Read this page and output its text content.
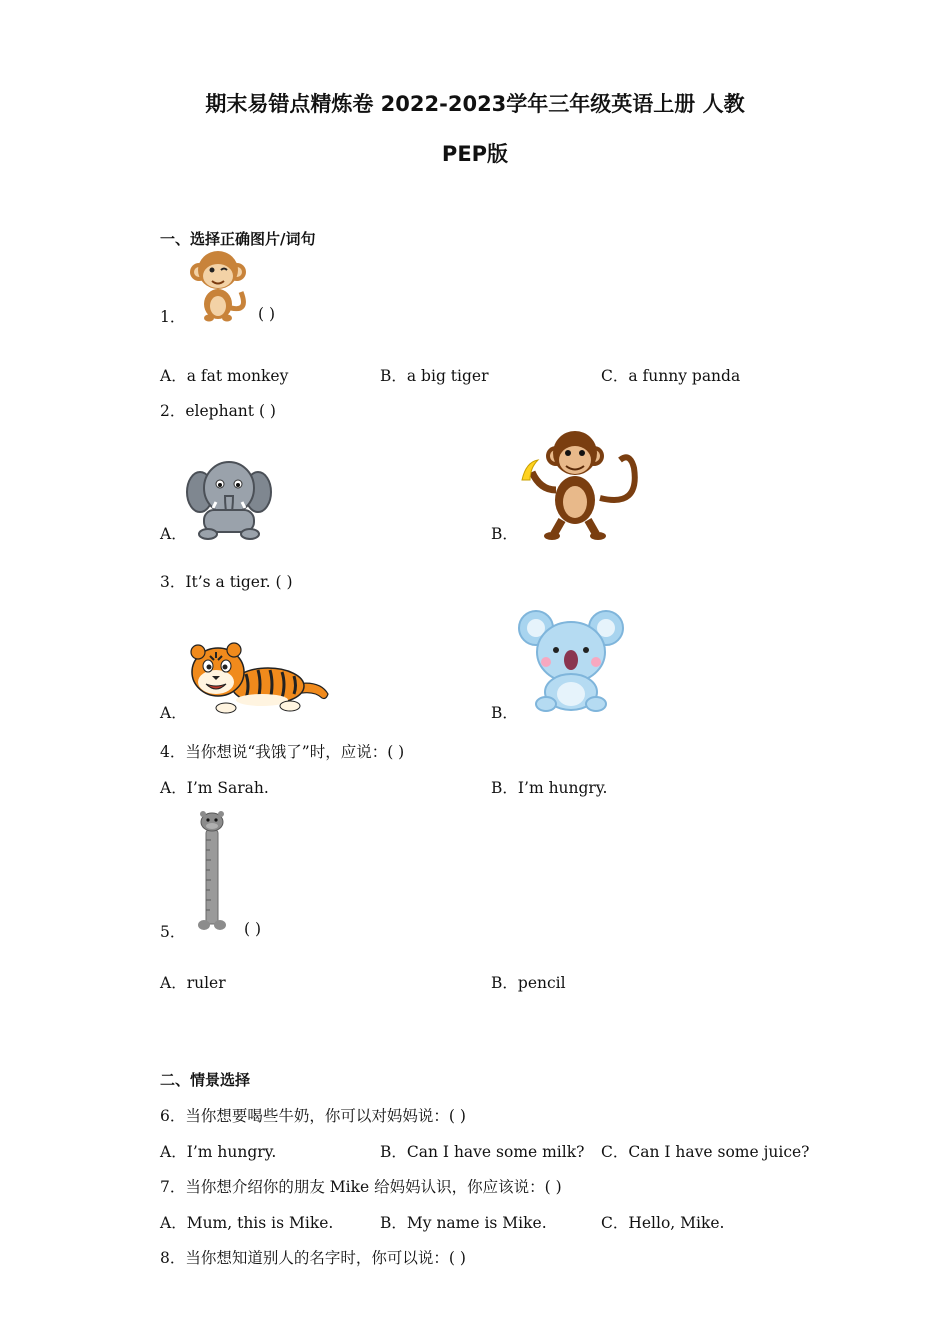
期末易错点精炼卷 2022-2023学年三年级英语上册 人教
PEP版
一、选择正确图片/词句
1．	( )
A．a fat monkey	B．a big tiger	C．a funny panda
2．elephant ( )
A．	B．
3．It’s a tiger. ( )
A．	B．
4．当你想说“我饿了”时，应说：( )
A．I’m Sarah.	B．I’m hungry.
5．	( )
A．ruler	B．pencil
二、情景选择
6．当你想要喝些牛奶，你可以对妈妈说：( )
A．I’m hungry.	B．Can I have some milk? C．Can I have some juice?
7．当你想介绍你的朋友 Mike 给妈妈认识，你应该说：( )
A．Mum, this is Mike.	B．My name is Mike.	C．Hello, Mike.
8．当你想知道别人的名字时，你可以说：( )
